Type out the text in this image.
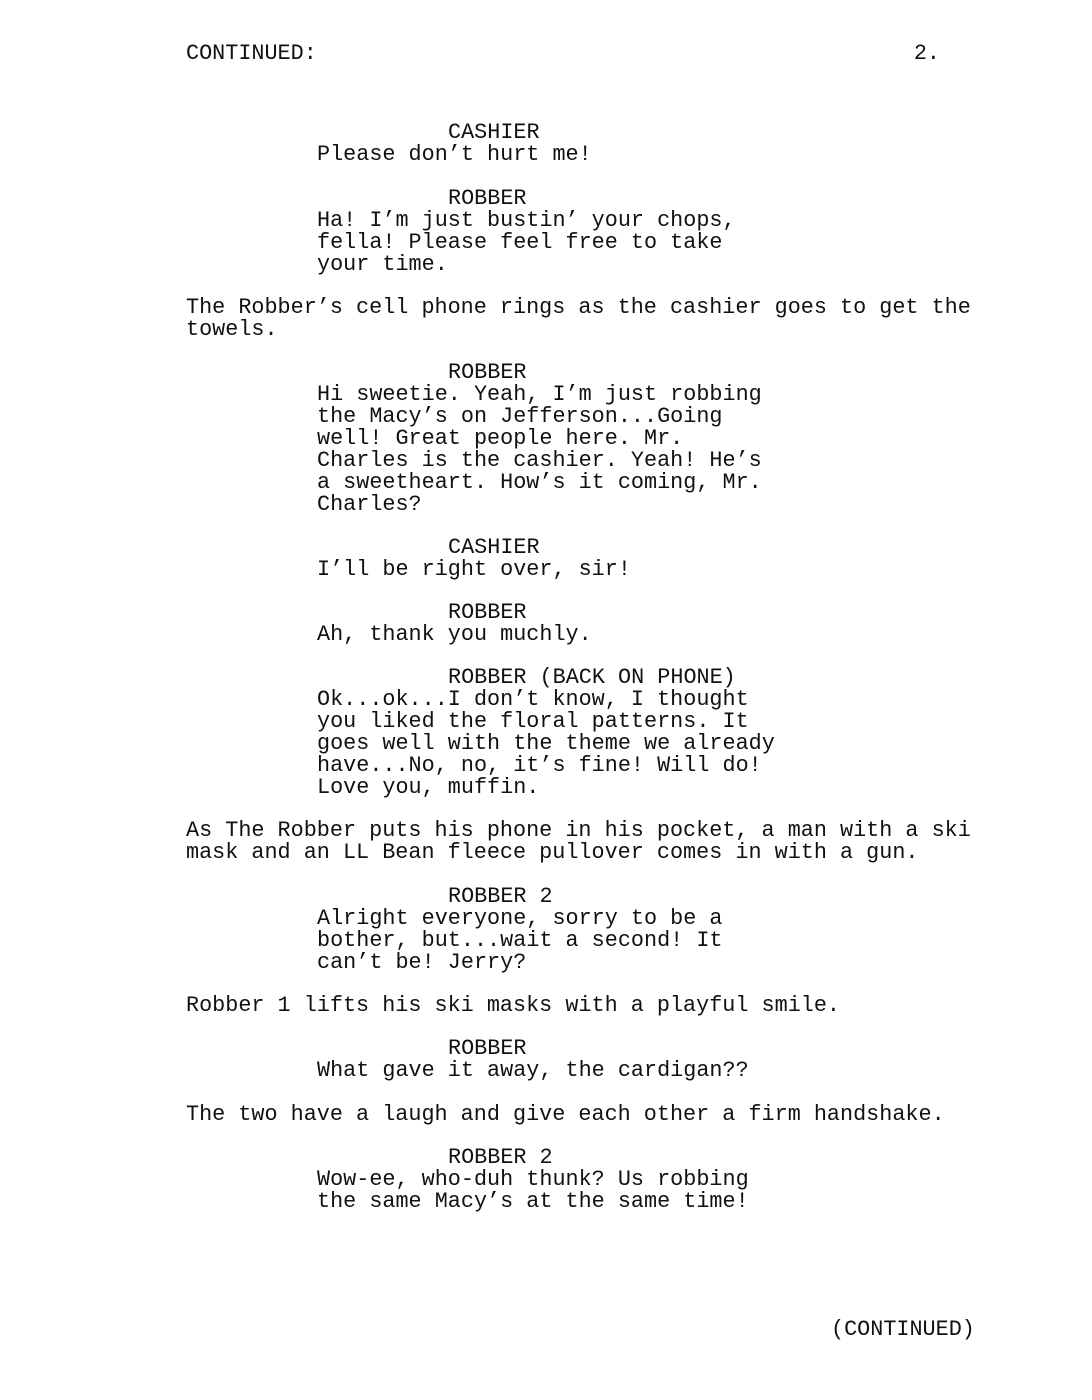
CONTINUED:	2.
CASHIER
Please don’t hurt me!
ROBBER
Ha! I’m just bustin’ your chops,
fella! Please feel free to take
your time.
The Robber’s cell phone rings as the cashier goes to get the
towels.
ROBBER
Hi sweetie. Yeah, I’m just robbing
the Macy’s on Jefferson...Going
well! Great people here. Mr.
Charles is the cashier. Yeah! He’s
a sweetheart. How’s it coming, Mr.
Charles?
CASHIER
I’ll be right over, sir!
ROBBER
Ah, thank you muchly.
ROBBER (BACK ON PHONE)
Ok...ok...I don’t know, I thought
you liked the floral patterns. It
goes well with the theme we already
have...No, no, it’s fine! Will do!
Love you, muffin.
As The Robber puts his phone in his pocket, a man with a ski
mask and an LL Bean fleece pullover comes in with a gun.
ROBBER 2
Alright everyone, sorry to be a
bother, but...wait a second! It
can’t be! Jerry?
Robber 1 lifts his ski masks with a playful smile.
ROBBER
What gave it away, the cardigan??
The two have a laugh and give each other a firm handshake.
ROBBER 2
Wow-ee, who-duh thunk? Us robbing
the same Macy’s at the same time!
(CONTINUED)
